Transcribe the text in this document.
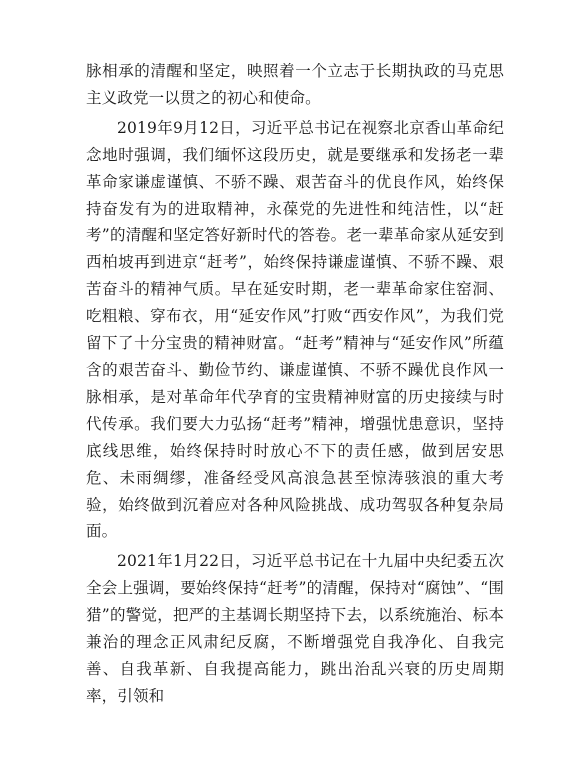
脉相承的清醒和坚定，映照着一个立志于长期执政的马克思主义政党一以贯之的初心和使命。

2019年9月12日，习近平总书记在视察北京香山革命纪念地时强调，我们缅怀这段历史，就是要继承和发扬老一辈革命家谦虚谨慎、不骄不躁、艰苦奋斗的优良作风，始终保持奋发有为的进取精神，永葆党的先进性和纯洁性，以“赶考”的清醒和坚定答好新时代的答卷。老一辈革命家从延安到西柏坡再到进京“赶考”，始终保持谦虚谨慎、不骄不躁、艰苦奋斗的精神气质。早在延安时期，老一辈革命家住窑洞、吃粗粮、穿布衣，用“延安作风”打败“西安作风”，为我们党留下了十分宝贵的精神财富。“赶考”精神与“延安作风”所蕴含的艰苦奋斗、勤俭节约、谦虚谨慎、不骄不躁优良作风一脉相承，是对革命年代孕育的宝贵精神财富的历史接续与时代传承。我们要大力弘扬“赶考”精神，增强忧患意识，坚持底线思维，始终保持时时放心不下的责任感，做到居安思危、未雨绸缪，准备经受风高浪急甚至惊涛骇浪的重大考验，始终做到沉着应对各种风险挑战、成功驾驭各种复杂局面。

2021年1月22日，习近平总书记在十九届中央纪委五次全会上强调，要始终保持“赶考”的清醒，保持对“腐蚀”、“围猎”的警觉，把严的主基调长期坚持下去，以系统施治、标本兼治的理念正风肃纪反腐，不断增强党自我净化、自我完善、自我革新、自我提高能力，跳出治乱兴衰的历史周期率，引领和
